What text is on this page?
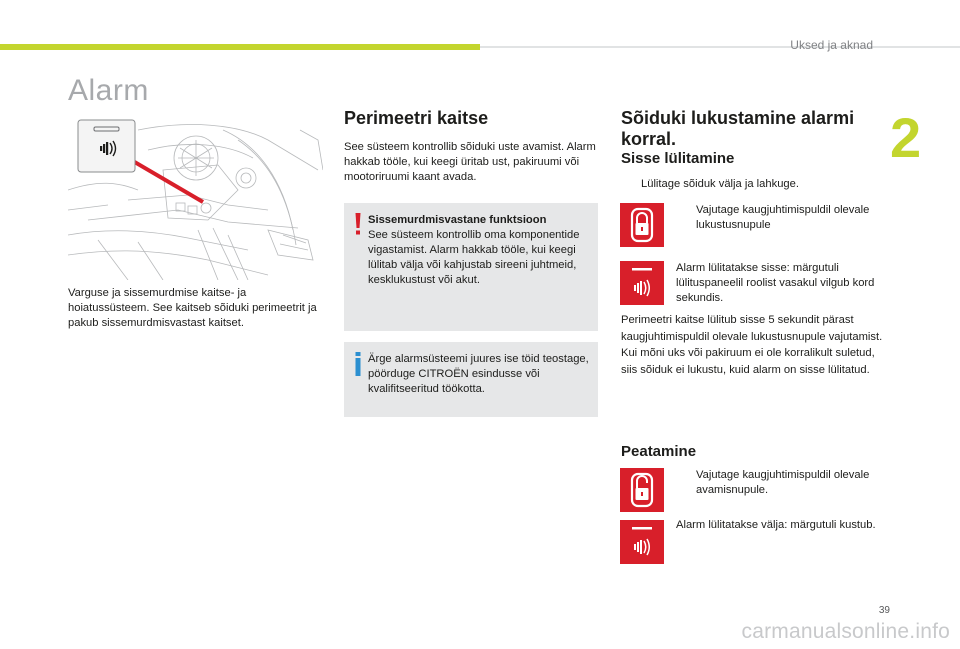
Uksed ja aknad
2
Alarm

Varguse ja sissemurdmise kaitse- ja hoiatussüsteem. See kaitseb sõiduki perimeetrit ja pakub sissemurdmisvastast kaitset.

Perimeetri kaitse

See süsteem kontrollib sõiduki uste avamist. Alarm hakkab tööle, kui keegi üritab ust, pakiruumi või mootoriruumi kaant avada.

Sissemurdmisvastane funktsioon
See süsteem kontrollib oma komponentide vigastamist. Alarm hakkab tööle, kui keegi lülitab välja või kahjustab sireeni juhtmeid, kesklukustust või akut.
Ärge alarmsüsteemi juures ise töid teostage, pöörduge CITROËN esindusse või kvalifitseeritud töökotta.
Sõiduki lukustamine alarmi korral.
Sisse lülitamine
Lülitage sõiduk välja ja lahkuge.
Vajutage kaugjuhtimispuldil olevale lukustusnupule

Alarm lülitatakse sisse: märgutuli lülituspaneelil roolist vasakul vilgub kord sekundis.

Perimeetri kaitse lülitub sisse 5 sekundit pärast kaugjuhtimispuldil olevale lukustusnupule vajutamist. Kui mõni uks või pakiruum ei ole korralikult suletud, siis sõiduk ei lukustu, kuid alarm on sisse lülitatud.

Peatamine
Vajutage kaugjuhtimispuldil olevale avamisnupule.

Alarm lülitatakse välja: märgutuli kustub.

39
carmanualsonline.info
